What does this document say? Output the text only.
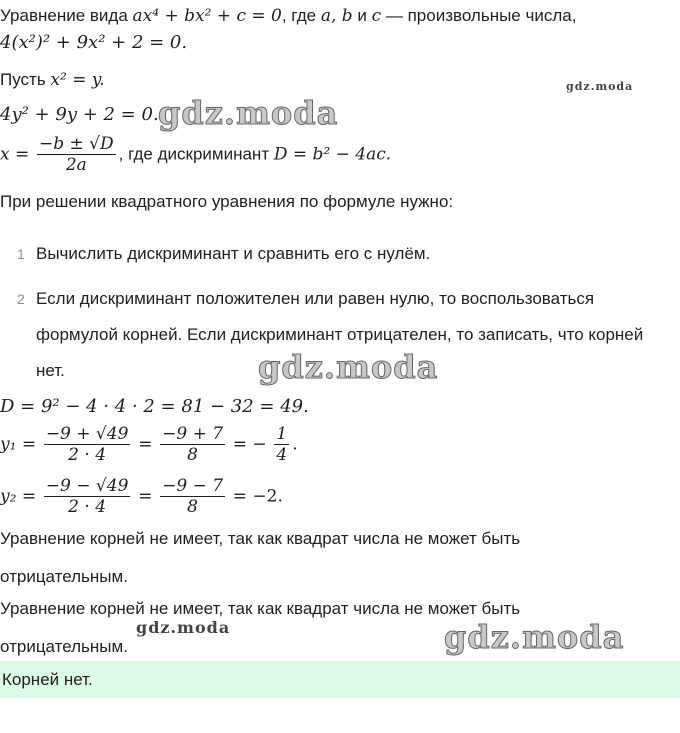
Уравнение вида ax⁴ + bx² + c = 0, где a, b и c — произвольные числа,
4(x²)² + 9x² + 2 = 0.
Пусть x² = y.
4y² + 9y + 2 = 0.
$x = \frac{-b \pm √D}{2a}$ , где дискриминант D = b² − 4ac.
При решении квадратного уравнения по формуле нужно:
1 Вычислить дискриминант и сравнить его с нулём.
2 Если дискриминант положителен или равен нулю, то воспользоваться формулой корней. Если дискриминант отрицателен, то записать, что корней нет.
D = 9² − 4 · 4 · 2 = 81 − 32 = 49.
$y_1 = \frac{-9 + √49}{2 \cdot 4} = \frac{-9 + 7}{8}$ = − $\frac{1}{4}$ .
$y_2 = \frac{-9 - √49}{2 \cdot 4} = \frac{-9 - 7}{8} = -2$.
Уравнение корней не имеет, так как квадрат числа не может быть отрицательным.
Уравнение корней не имеет, так как квадрат числа не может быть отрицательным.
Корней нет.
gdz.moda
gdz.moda
gdz.moda
gdz.moda	gdz.moda
